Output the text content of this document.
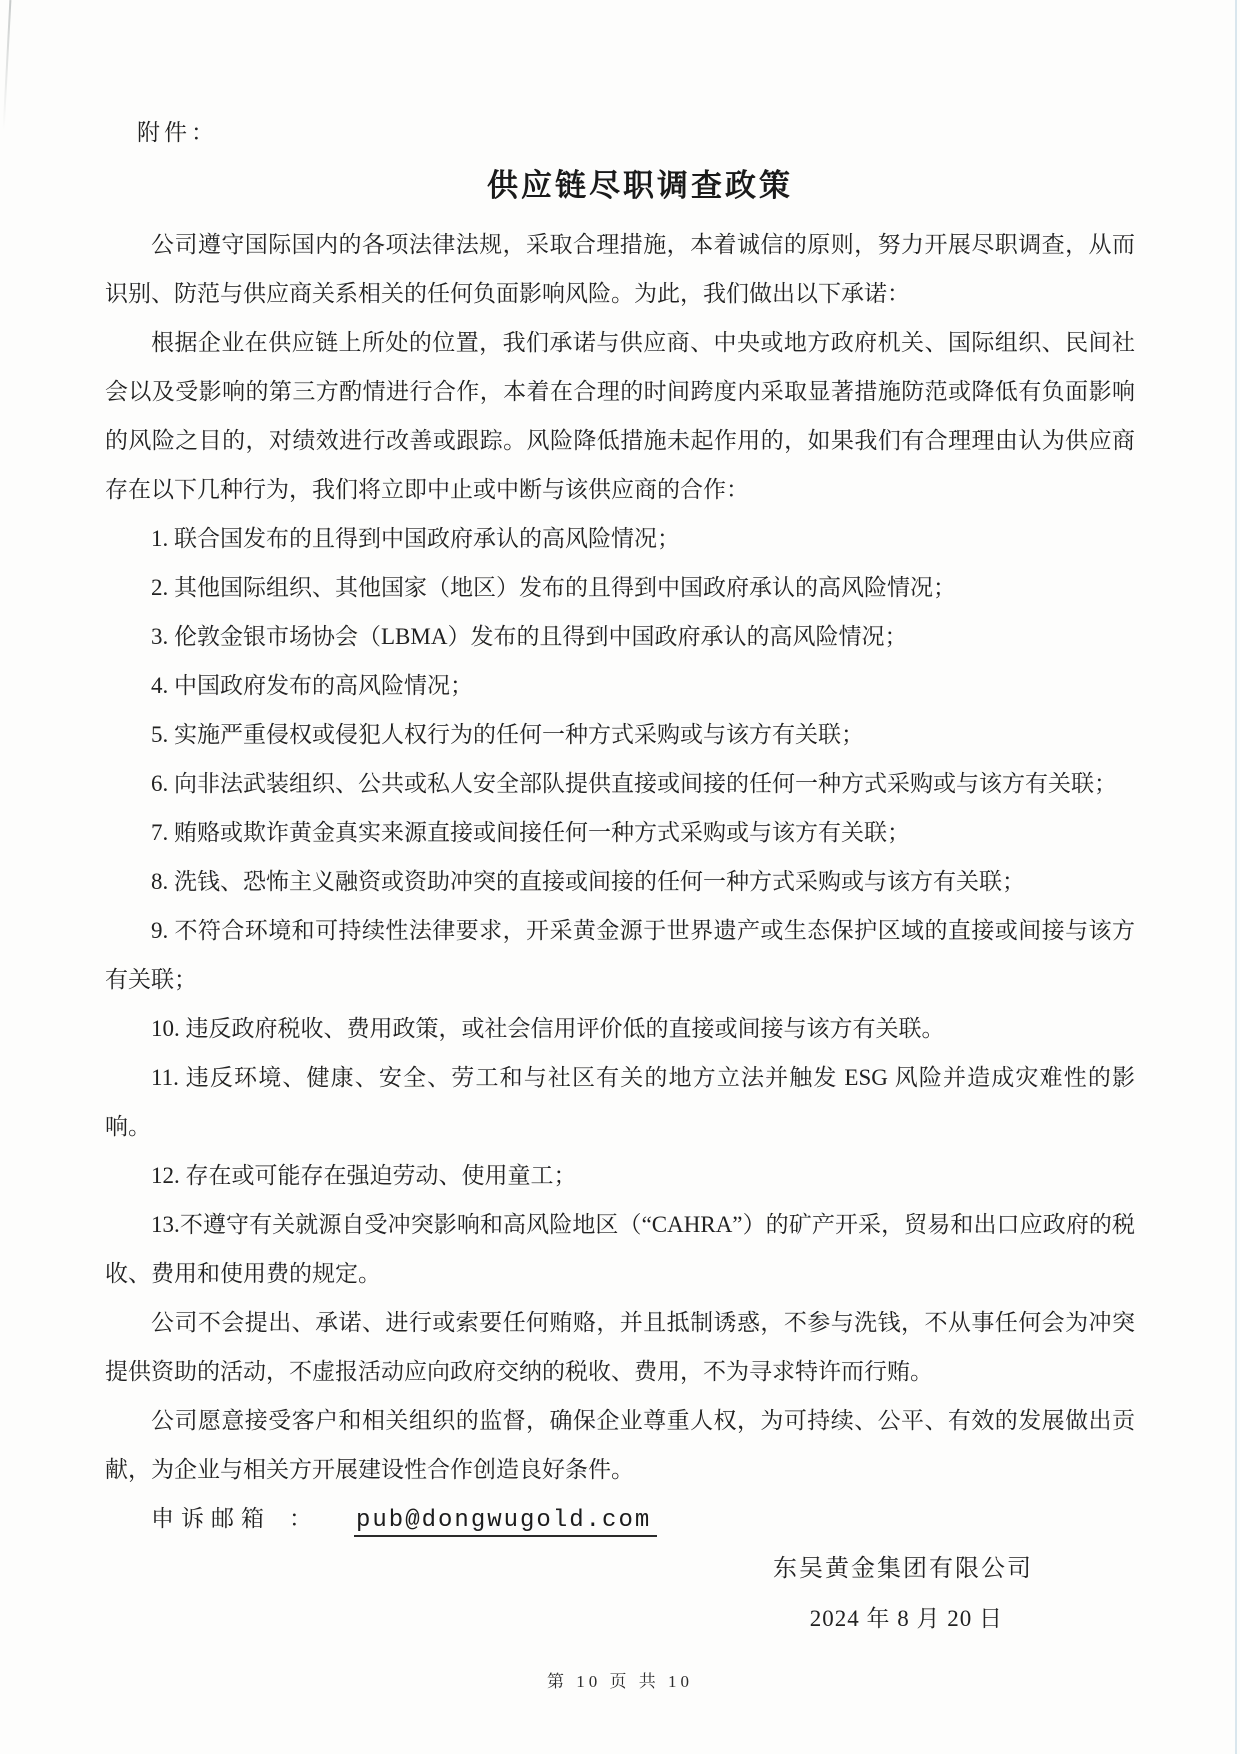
附件：
供应链尽职调查政策

公司遵守国际国内的各项法律法规，采取合理措施，本着诚信的原则，努力开展尽职调查，从而识别、防范与供应商关系相关的任何负面影响风险。为此，我们做出以下承诺：

根据企业在供应链上所处的位置，我们承诺与供应商、中央或地方政府机关、国际组织、民间社会以及受影响的第三方酌情进行合作，本着在合理的时间跨度内采取显著措施防范或降低有负面影响的风险之目的，对绩效进行改善或跟踪。风险降低措施未起作用的，如果我们有合理理由认为供应商存在以下几种行为，我们将立即中止或中断与该供应商的合作：

1. 联合国发布的且得到中国政府承认的高风险情况；

2. 其他国际组织、其他国家（地区）发布的且得到中国政府承认的高风险情况；

3. 伦敦金银市场协会（LBMA）发布的且得到中国政府承认的高风险情况；

4. 中国政府发布的高风险情况；

5. 实施严重侵权或侵犯人权行为的任何一种方式采购或与该方有关联；

6. 向非法武装组织、公共或私人安全部队提供直接或间接的任何一种方式采购或与该方有关联；

7. 贿赂或欺诈黄金真实来源直接或间接任何一种方式采购或与该方有关联；

8. 洗钱、恐怖主义融资或资助冲突的直接或间接的任何一种方式采购或与该方有关联；

9. 不符合环境和可持续性法律要求，开采黄金源于世界遗产或生态保护区域的直接或间接与该方有关联；

10. 违反政府税收、费用政策，或社会信用评价低的直接或间接与该方有关联。

11. 违反环境、健康、安全、劳工和与社区有关的地方立法并触发 ESG 风险并造成灾难性的影响。

12. 存在或可能存在强迫劳动、使用童工；

13.不遵守有关就源自受冲突影响和高风险地区（“CAHRA”）的矿产开采，贸易和出口应政府的税收、费用和使用费的规定。

公司不会提出、承诺、进行或索要任何贿赂，并且抵制诱惑，不参与洗钱，不从事任何会为冲突提供资助的活动，不虚报活动应向政府交纳的税收、费用，不为寻求特许而行贿。

公司愿意接受客户和相关组织的监督，确保企业尊重人权，为可持续、公平、有效的发展做出贡献，为企业与相关方开展建设性合作创造良好条件。

申诉邮箱 ： pub@dongwugold.com

东吴黄金集团有限公司
2024 年 8 月 20 日
第 10 页 共 10
